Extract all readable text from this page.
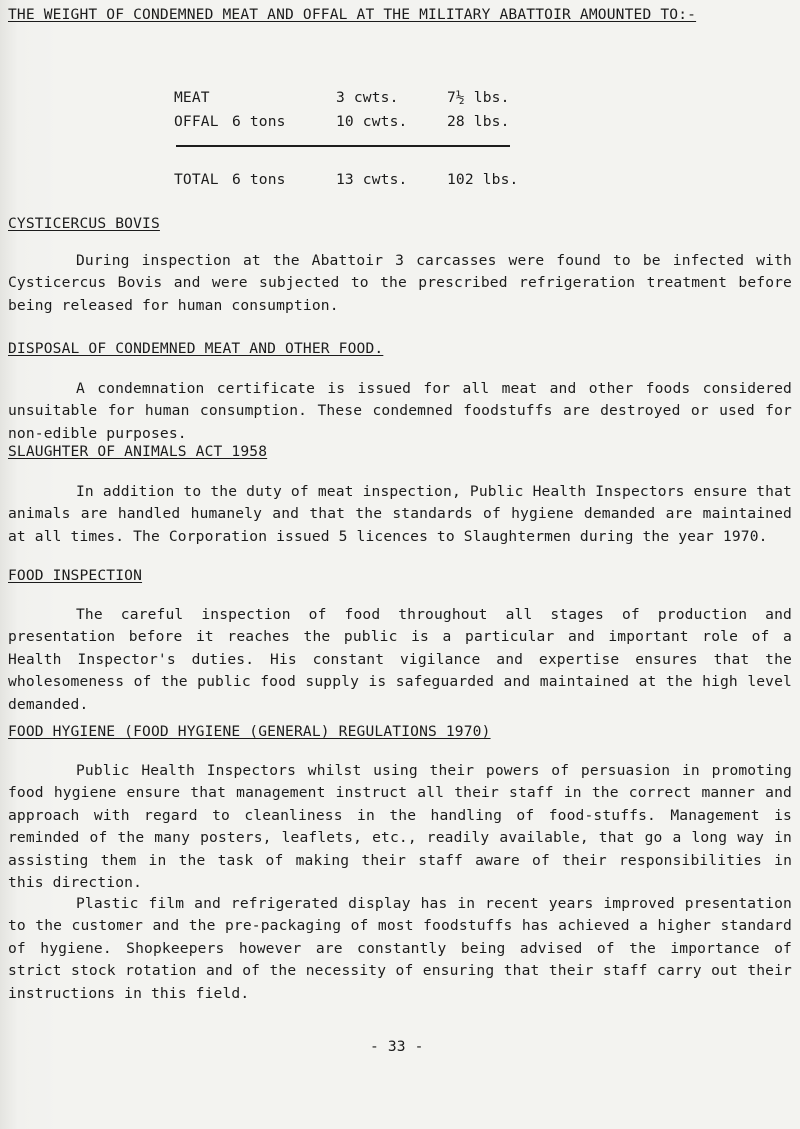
THE WEIGHT OF CONDEMNED MEAT AND OFFAL AT THE MILITARY ABATTOIR AMOUNTED TO:-
MEAT		3 cwts.	7½ lbs.
OFFAL	6 tons	10 cwts.	28 lbs.
TOTAL	6 tons	13 cwts.	102 lbs.
CYSTICERCUS BOVIS

During inspection at the Abattoir 3 carcasses were found to be infected with Cysticercus Bovis and were subjected to the prescribed refrigeration treatment before being released for human consumption.

DISPOSAL OF CONDEMNED MEAT AND OTHER FOOD.

A condemnation certificate is issued for all meat and other foods considered unsuitable for human consumption. These condemned foodstuffs are destroyed or used for non-edible purposes.

SLAUGHTER OF ANIMALS ACT 1958

In addition to the duty of meat inspection, Public Health Inspectors ensure that animals are handled humanely and that the standards of hygiene demanded are maintained at all times. The Corporation issued 5 licences to Slaughtermen during the year 1970.

FOOD INSPECTION

The careful inspection of food throughout all stages of production and presentation before it reaches the public is a particular and important role of a Health Inspector's duties. His constant vigilance and expertise ensures that the wholesomeness of the public food supply is safeguarded and maintained at the high level demanded.

FOOD HYGIENE (FOOD HYGIENE (GENERAL) REGULATIONS 1970)

Public Health Inspectors whilst using their powers of persuasion in promoting food hygiene ensure that management instruct all their staff in the correct manner and approach with regard to cleanliness in the handling of food-stuffs. Management is reminded of the many posters, leaflets, etc., readily available, that go a long way in assisting them in the task of making their staff aware of their responsibilities in this direction.

Plastic film and refrigerated display has in recent years improved presentation to the customer and the pre-packaging of most foodstuffs has achieved a higher standard of hygiene. Shopkeepers however are constantly being advised of the importance of strict stock rotation and of the necessity of ensuring that their staff carry out their instructions in this field.

- 33 -
